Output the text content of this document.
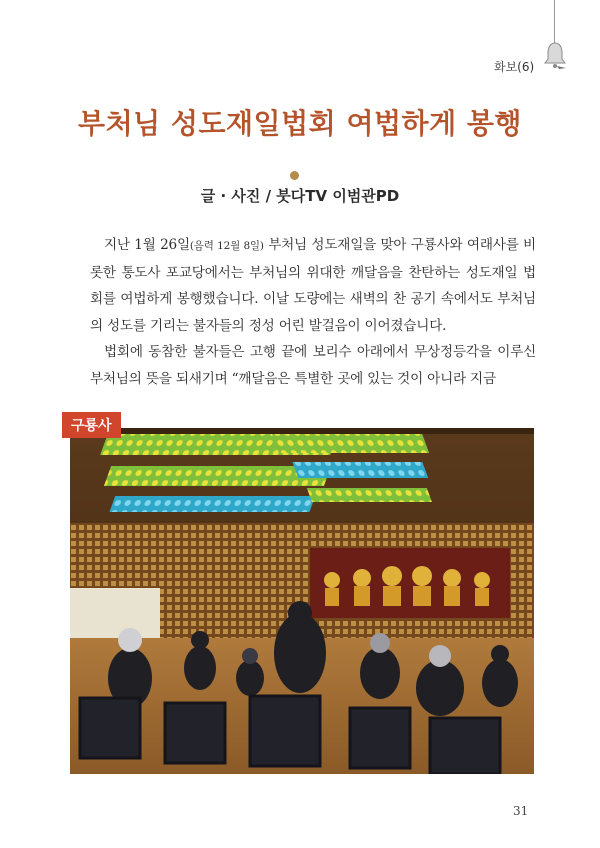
화보(6)
부처님 성도재일법회 여법하게 봉행
글 · 사진 / 붓다TV 이범관PD

지난 1월 26일(음력 12월 8일) 부처님 성도재일을 맞아 구룡사와 여래사를 비롯한 통도사 포교당에서는 부처님의 위대한 깨달음을 찬탄하는 성도재일 법회를 여법하게 봉행했습니다. 이날 도량에는 새벽의 찬 공기 속에서도 부처님의 성도를 기리는 불자들의 정성 어린 발걸음이 이어졌습니다.

법회에 동참한 불자들은 고행 끝에 보리수 아래에서 무상정등각을 이루신 부처님의 뜻을 되새기며 “깨달음은 특별한 곳에 있는 것이 아니라 지금

구룡사
31
